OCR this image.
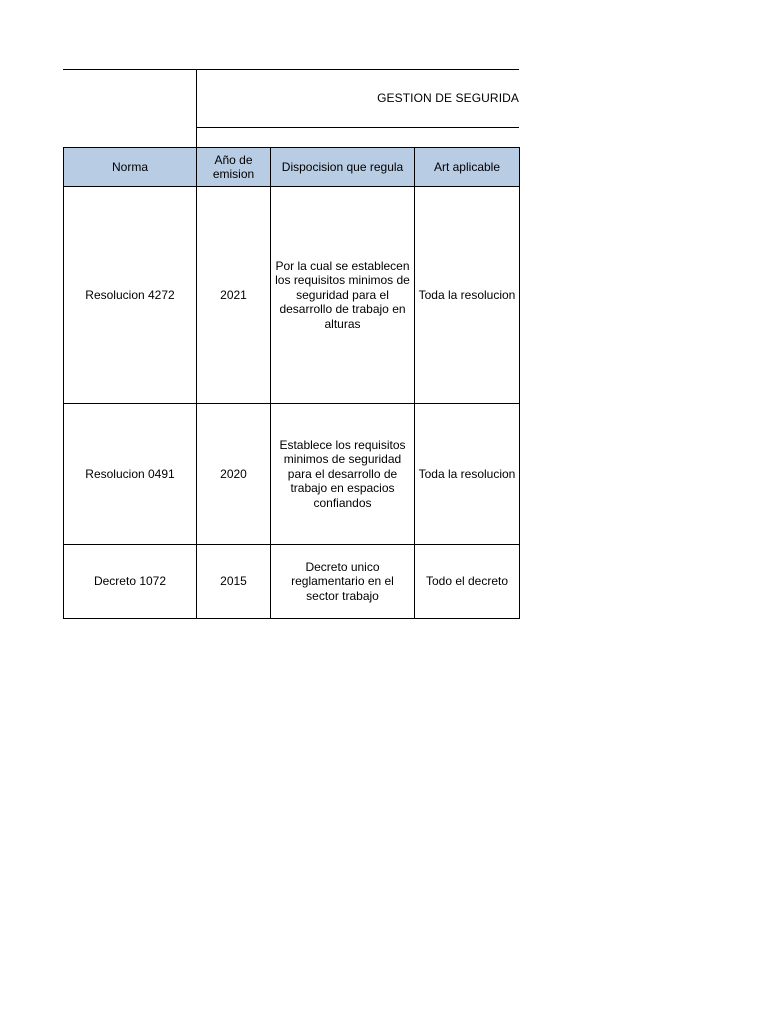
GESTION DE SEGURIDA
Norma	Año de emision	Dispocision que regula	Art aplicable
Resolucion 4272	2021	Por la cual se establecen los requisitos minimos de seguridad para el desarrollo de trabajo en alturas	Toda la resolucion
Resolucion 0491	2020	Establece los requisitos minimos de seguridad para el desarrollo de trabajo en espacios confiandos	Toda la resolucion
Decreto 1072	2015	Decreto unico reglamentario en el sector trabajo	Todo el decreto
